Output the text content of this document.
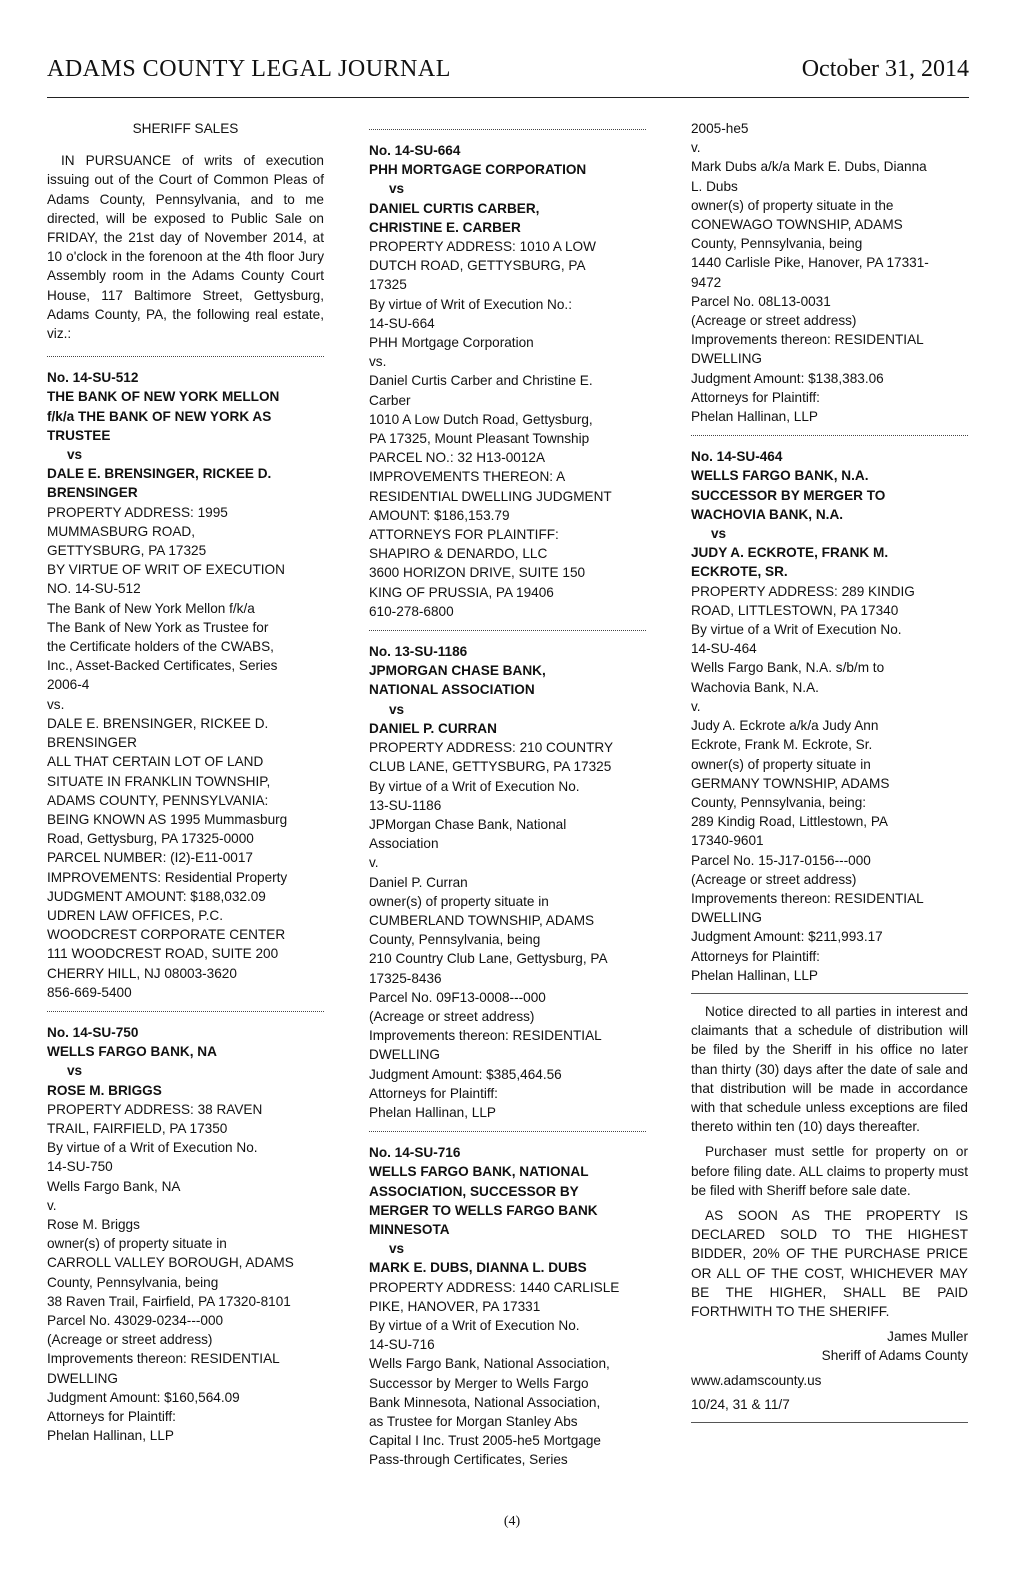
ADAMS COUNTY LEGAL JOURNAL	October 31, 2014
SHERIFF SALES
IN PURSUANCE of writs of execution issuing out of the Court of Common Pleas of Adams County, Pennsylvania, and to me directed, will be exposed to Public Sale on FRIDAY, the 21st day of November 2014, at 10 o'clock in the forenoon at the 4th floor Jury Assembly room in the Adams County Court House, 117 Baltimore Street, Gettysburg, Adams County, PA, the following real estate, viz.:
No. 14-SU-512
THE BANK OF NEW YORK MELLON
f/k/a THE BANK OF NEW YORK AS
TRUSTEE
vs
DALE E. BRENSINGER, RICKEE D.
BRENSINGER
PROPERTY ADDRESS: 1995
MUMMASBURG ROAD,
GETTYSBURG, PA 17325
BY VIRTUE OF WRIT OF EXECUTION
NO. 14-SU-512
The Bank of New York Mellon f/k/a
The Bank of New York as Trustee for
the Certificate holders of the CWABS,
Inc., Asset-Backed Certificates, Series
2006-4
vs.
DALE E. BRENSINGER, RICKEE D.
BRENSINGER
ALL THAT CERTAIN LOT OF LAND
SITUATE IN FRANKLIN TOWNSHIP,
ADAMS COUNTY, PENNSYLVANIA:
BEING KNOWN AS 1995 Mummasburg
Road, Gettysburg, PA 17325-0000
PARCEL NUMBER: (I2)-E11-0017
IMPROVEMENTS: Residential Property
JUDGMENT AMOUNT: $188,032.09
UDREN LAW OFFICES, P.C.
WOODCREST CORPORATE CENTER
111 WOODCREST ROAD, SUITE 200
CHERRY HILL, NJ 08003-3620
856-669-5400
No. 14-SU-750
WELLS FARGO BANK, NA
vs
ROSE M. BRIGGS
PROPERTY ADDRESS: 38 RAVEN
TRAIL, FAIRFIELD, PA 17350
By virtue of a Writ of Execution No.
14-SU-750
Wells Fargo Bank, NA
v.
Rose M. Briggs
owner(s) of property situate in
CARROLL VALLEY BOROUGH, ADAMS
County, Pennsylvania, being
38 Raven Trail, Fairfield, PA 17320-8101
Parcel No. 43029-0234---000
(Acreage or street address)
Improvements thereon: RESIDENTIAL
DWELLING
Judgment Amount: $160,564.09
Attorneys for Plaintiff:
Phelan Hallinan, LLP
No. 14-SU-664
PHH MORTGAGE CORPORATION
vs
DANIEL CURTIS CARBER,
CHRISTINE E. CARBER
PROPERTY ADDRESS: 1010 A LOW
DUTCH ROAD, GETTYSBURG, PA
17325
By virtue of Writ of Execution No.:
14-SU-664
PHH Mortgage Corporation
vs.
Daniel Curtis Carber and Christine E.
Carber
1010 A Low Dutch Road, Gettysburg,
PA 17325, Mount Pleasant Township
PARCEL NO.: 32 H13-0012A
IMPROVEMENTS THEREON: A
RESIDENTIAL DWELLING JUDGMENT
AMOUNT: $186,153.79
ATTORNEYS FOR PLAINTIFF:
SHAPIRO & DENARDO, LLC
3600 HORIZON DRIVE, SUITE 150
KING OF PRUSSIA, PA 19406
610-278-6800
No. 13-SU-1186
JPMORGAN CHASE BANK,
NATIONAL ASSOCIATION
vs
DANIEL P. CURRAN
PROPERTY ADDRESS: 210 COUNTRY
CLUB LANE, GETTYSBURG, PA 17325
By virtue of a Writ of Execution No.
13-SU-1186
JPMorgan Chase Bank, National
Association
v.
Daniel P. Curran
owner(s) of property situate in
CUMBERLAND TOWNSHIP, ADAMS
County, Pennsylvania, being
210 Country Club Lane, Gettysburg, PA
17325-8436
Parcel No. 09F13-0008---000
(Acreage or street address)
Improvements thereon: RESIDENTIAL
DWELLING
Judgment Amount: $385,464.56
Attorneys for Plaintiff:
Phelan Hallinan, LLP
No. 14-SU-716
WELLS FARGO BANK, NATIONAL
ASSOCIATION, SUCCESSOR BY
MERGER TO WELLS FARGO BANK
MINNESOTA
vs
MARK E. DUBS, DIANNA L. DUBS
PROPERTY ADDRESS: 1440 CARLISLE
PIKE, HANOVER, PA 17331
By virtue of a Writ of Execution No.
14-SU-716
Wells Fargo Bank, National Association,
Successor by Merger to Wells Fargo
Bank Minnesota, National Association,
as Trustee for Morgan Stanley Abs
Capital I Inc. Trust 2005-he5 Mortgage
Pass-through Certificates, Series
2005-he5
v.
Mark Dubs a/k/a Mark E. Dubs, Dianna
L. Dubs
owner(s) of property situate in the
CONEWAGO TOWNSHIP, ADAMS
County, Pennsylvania, being
1440 Carlisle Pike, Hanover, PA 17331-
9472
Parcel No. 08L13-0031
(Acreage or street address)
Improvements thereon: RESIDENTIAL
DWELLING
Judgment Amount: $138,383.06
Attorneys for Plaintiff:
Phelan Hallinan, LLP
No. 14-SU-464
WELLS FARGO BANK, N.A.
SUCCESSOR BY MERGER TO
WACHOVIA BANK, N.A.
vs
JUDY A. ECKROTE, FRANK M.
ECKROTE, SR.
PROPERTY ADDRESS: 289 KINDIG
ROAD, LITTLESTOWN, PA 17340
By virtue of a Writ of Execution No.
14-SU-464
Wells Fargo Bank, N.A. s/b/m to
Wachovia Bank, N.A.
v.
Judy A. Eckrote a/k/a Judy Ann
Eckrote, Frank M. Eckrote, Sr.
owner(s) of property situate in
GERMANY TOWNSHIP, ADAMS
County, Pennsylvania, being:
289 Kindig Road, Littlestown, PA
17340-9601
Parcel No. 15-J17-0156---000
(Acreage or street address)
Improvements thereon: RESIDENTIAL
DWELLING
Judgment Amount: $211,993.17
Attorneys for Plaintiff:
Phelan Hallinan, LLP
Notice directed to all parties in interest and claimants that a schedule of distribution will be filed by the Sheriff in his office no later than thirty (30) days after the date of sale and that distribution will be made in accordance with that schedule unless exceptions are filed thereto within ten (10) days thereafter.
Purchaser must settle for property on or before filing date. ALL claims to property must be filed with Sheriff before sale date.
AS SOON AS THE PROPERTY IS DECLARED SOLD TO THE HIGHEST BIDDER, 20% OF THE PURCHASE PRICE OR ALL OF THE COST, WHICHEVER MAY BE THE HIGHER, SHALL BE PAID FORTHWITH TO THE SHERIFF.
James Muller
Sheriff of Adams County
www.adamscounty.us
10/24, 31 & 11/7
(4)
